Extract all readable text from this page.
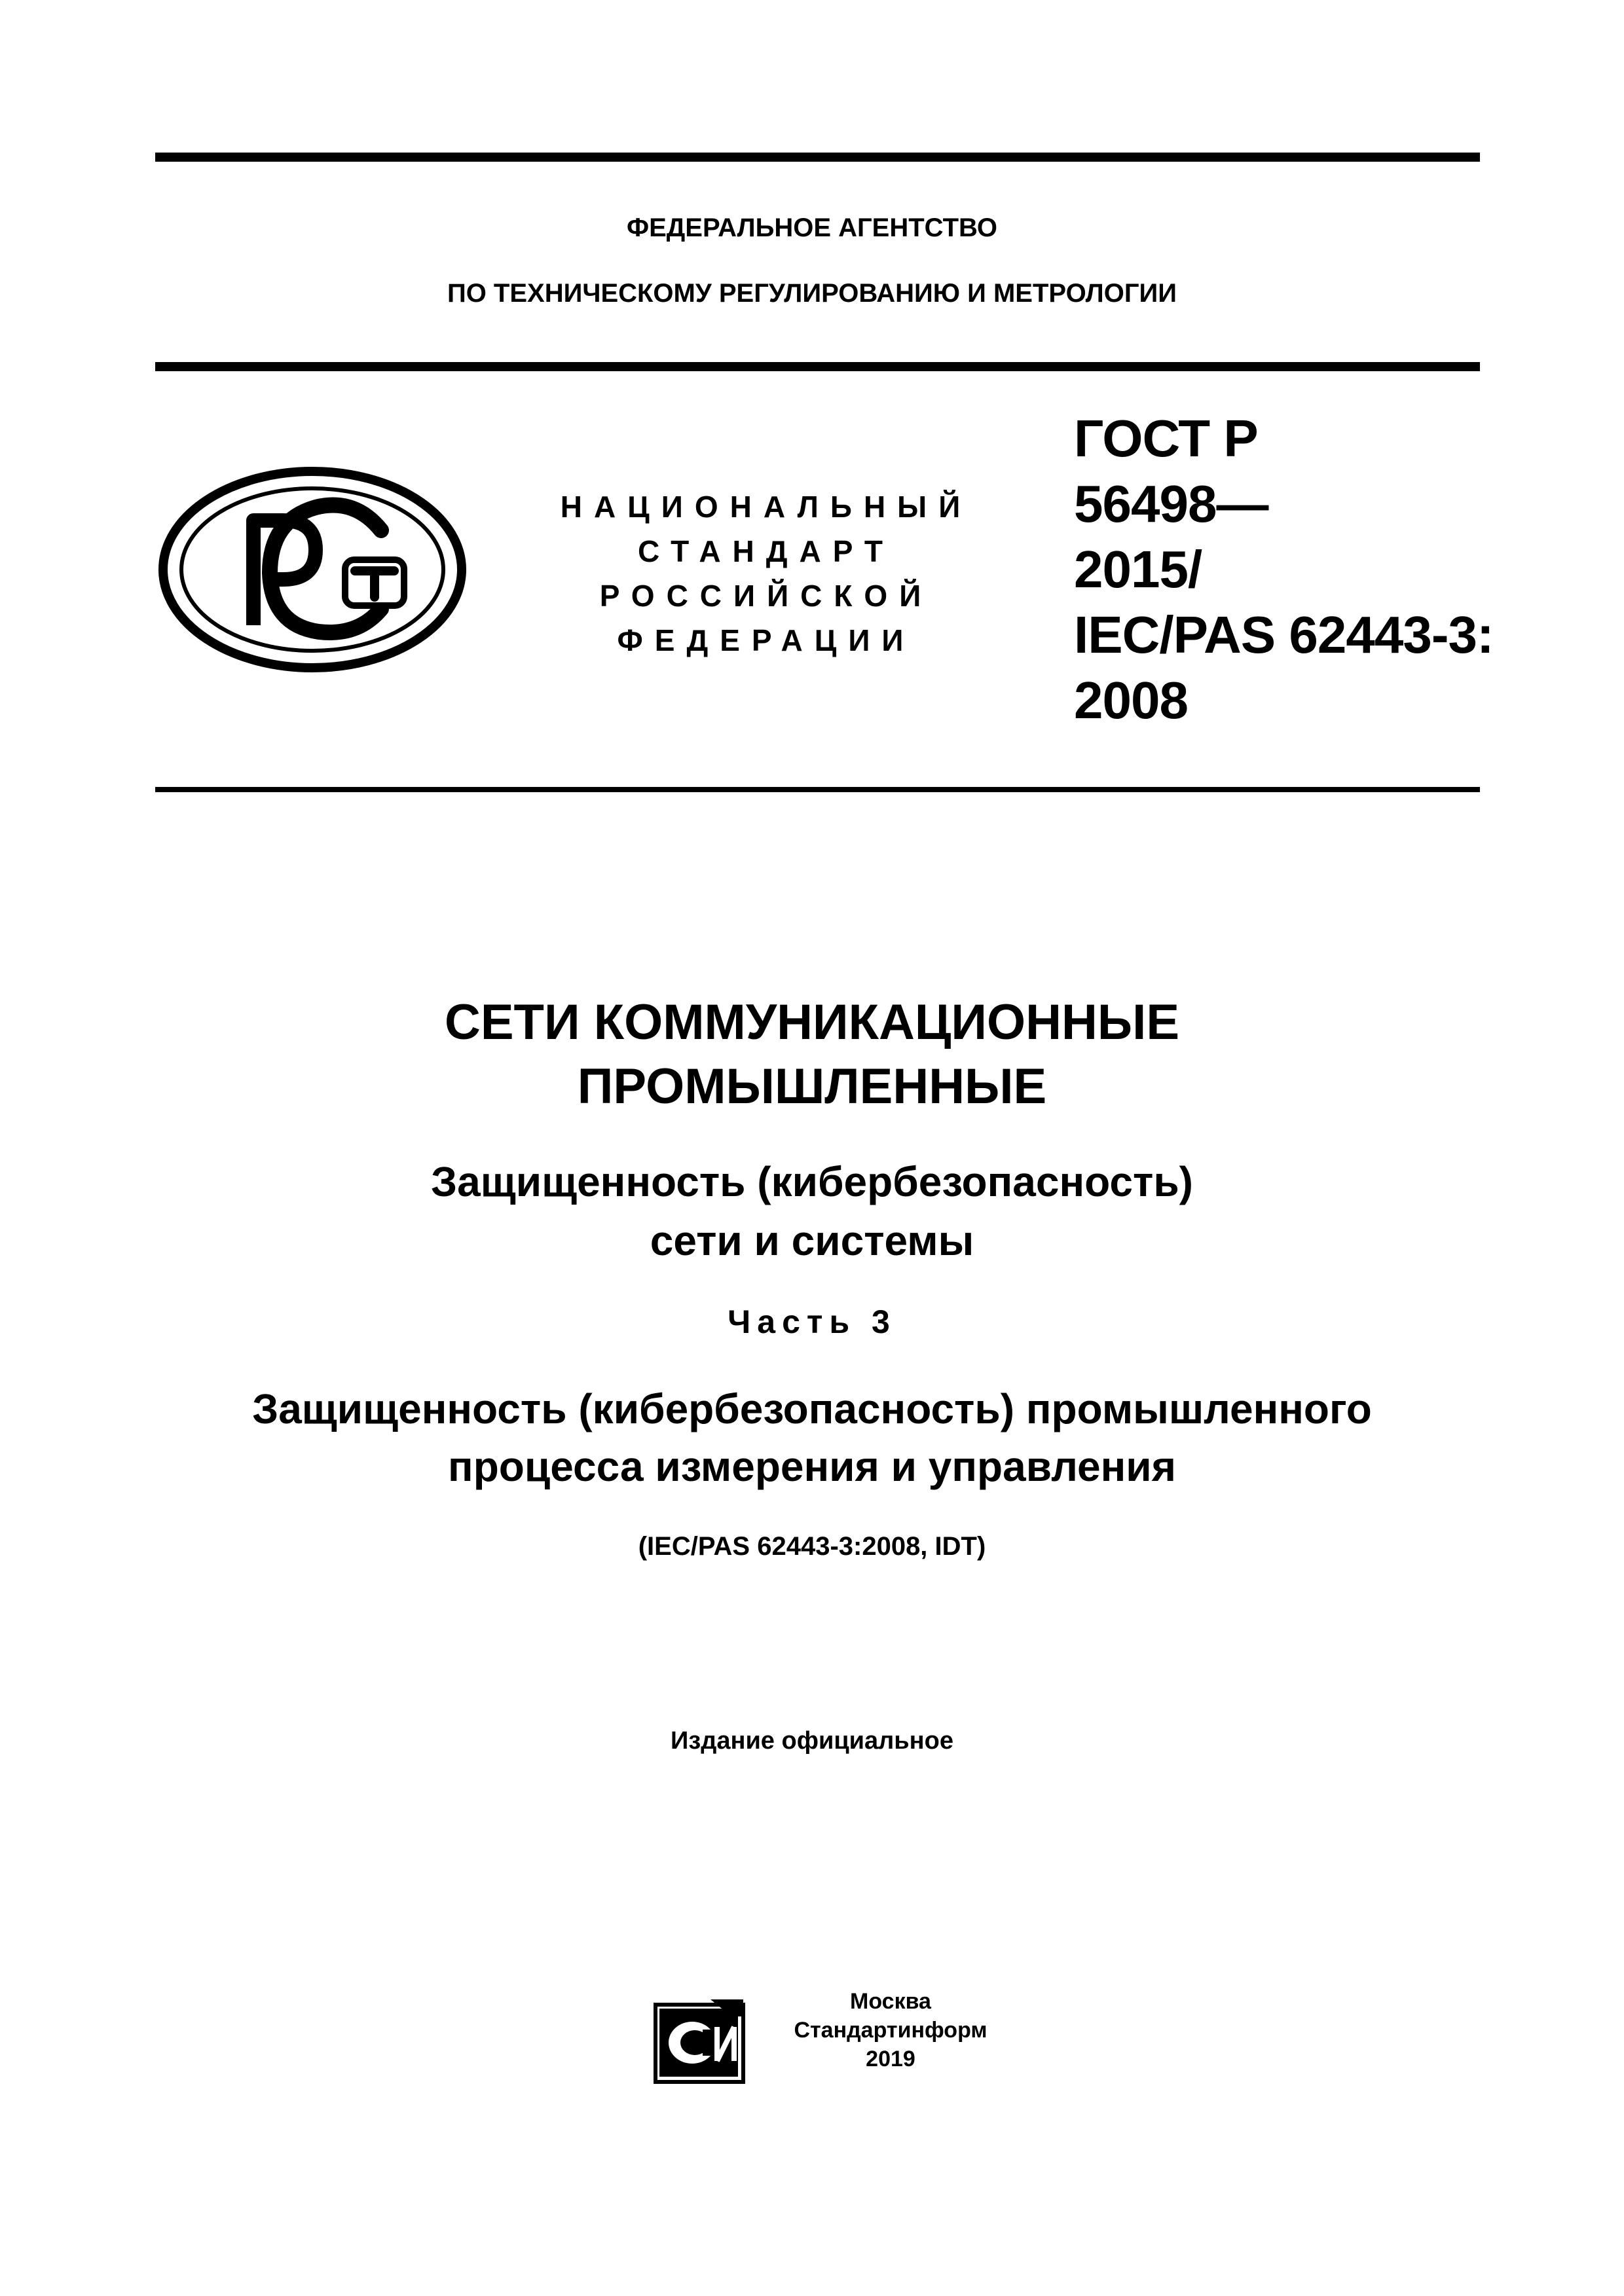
ФЕДЕРАЛЬНОЕ АГЕНТСТВО
ПО ТЕХНИЧЕСКОМУ РЕГУЛИРОВАНИЮ И МЕТРОЛОГИИ
НАЦИОНАЛЬНЫЙ
СТАНДАРТ
РОССИЙСКОЙ
ФЕДЕРАЦИИ
ГОСТ Р
56498—
2015/
IEC/PAS 62443-3:
2008
СЕТИ КОММУНИКАЦИОННЫЕ
ПРОМЫШЛЕННЫЕ
Защищенность (кибербезопасность)
сети и системы
Часть 3
Защищенность (кибербезопасность) промышленного
процесса измерения и управления
(IEC/PAS 62443-3:2008, IDT)
Издание официальное
Москва
Стандартинформ
2019
